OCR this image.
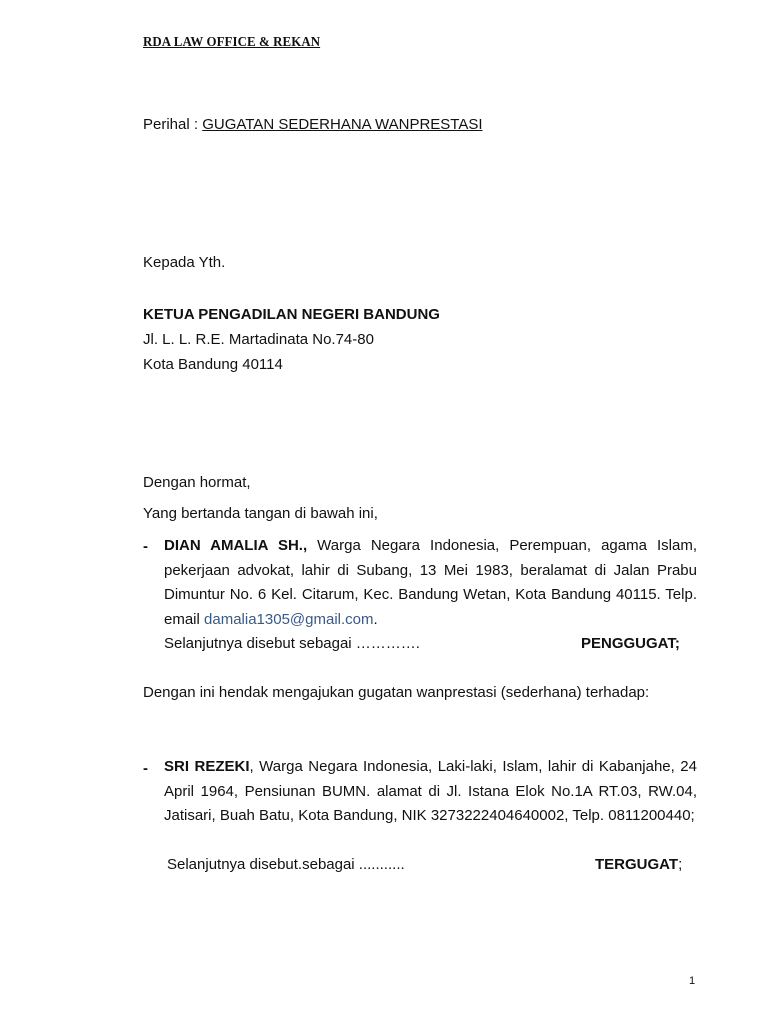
RDA LAW OFFICE & REKAN
Perihal : GUGATAN SEDERHANA WANPRESTASI
Kepada Yth.
KETUA PENGADILAN NEGERI BANDUNG
Jl. L. L. R.E. Martadinata No.74-80
Kota Bandung 40114
Dengan hormat,
Yang bertanda tangan di bawah ini,
- DIAN AMALIA SH., Warga Negara Indonesia, Perempuan, agama Islam, pekerjaan advokat, lahir di Subang, 13 Mei 1983, beralamat di Jalan Prabu Dimuntur No. 6 Kel. Citarum, Kec. Bandung Wetan, Kota Bandung 40115. Telp. email damalia1305@gmail.com.
Selanjutnya disebut sebagai ………….	PENGGUGAT;
Dengan ini hendak mengajukan gugatan wanprestasi (sederhana) terhadap:
- SRI REZEKI, Warga Negara Indonesia, Laki-laki, Islam, lahir di Kabanjahe, 24 April 1964, Pensiunan BUMN. alamat di Jl. Istana Elok No.1A RT.03, RW.04, Jatisari, Buah Batu, Kota Bandung, NIK 3273222404640002, Telp. 0811200440;
Selanjutnya disebut.sebagai ...........	TERGUGAT;
1
